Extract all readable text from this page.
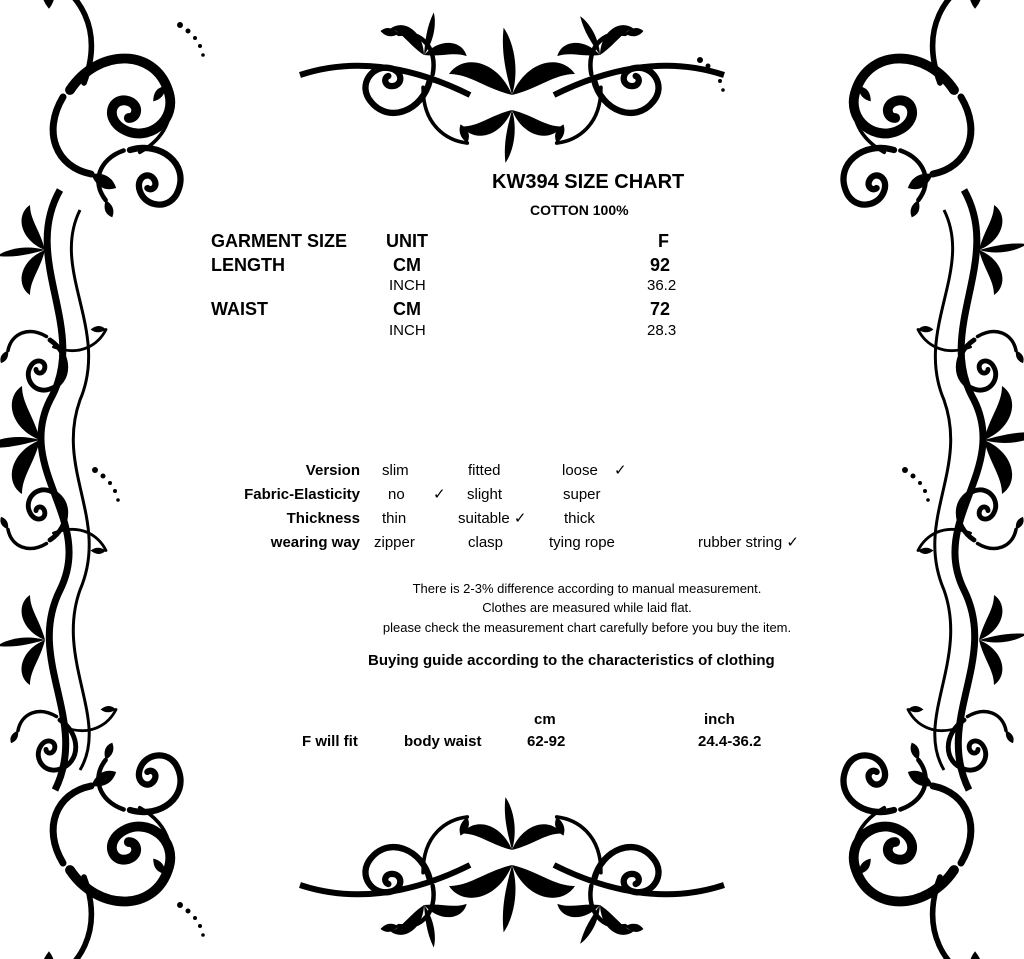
KW394 SIZE CHART
COTTON 100%
GARMENT SIZE UNIT	F
LENGTH	CM	92
INCH	36.2
WAIST	CM	72
INCH	28.3
Version slim	fitted	loose ✓
Fabric-Elasticity no ✓ slight	super
Thickness thin	suitable ✓	thick
wearing way zipper	clasp	tying rope	rubber string ✓
There is 2-3% difference according to manual measurement.
Clothes are measured while laid flat.
please check the measurement chart carefully before you buy the item.
Buying guide according to the characteristics of clothing
cm	inch
F will fit	body waist	62-92	24.4-36.2
